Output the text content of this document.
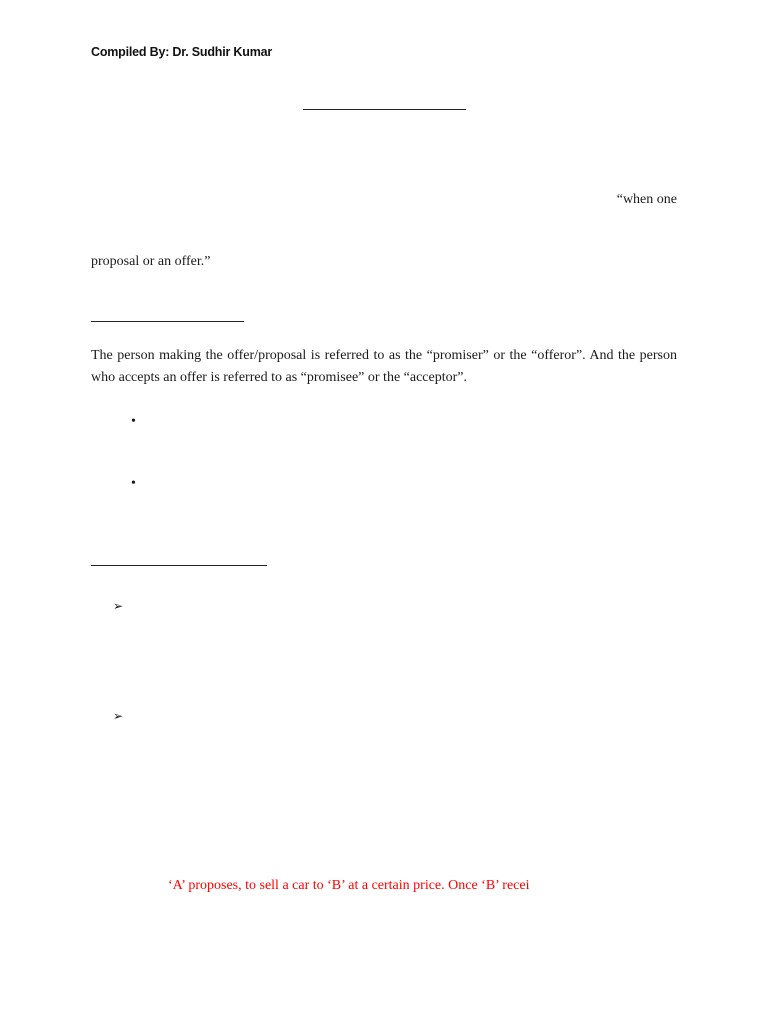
Compiled By: Dr. Sudhir Kumar
“when one
proposal or an offer.”
The person making the offer/proposal is referred to as the “promiser” or the “offeror”. And the person who accepts an offer is referred to as “promisee” or the “acceptor”.
•
•
➢
➢
‘A’ proposes, to sell a car to ‘B’ at a certain price. Once ‘B’ recei
